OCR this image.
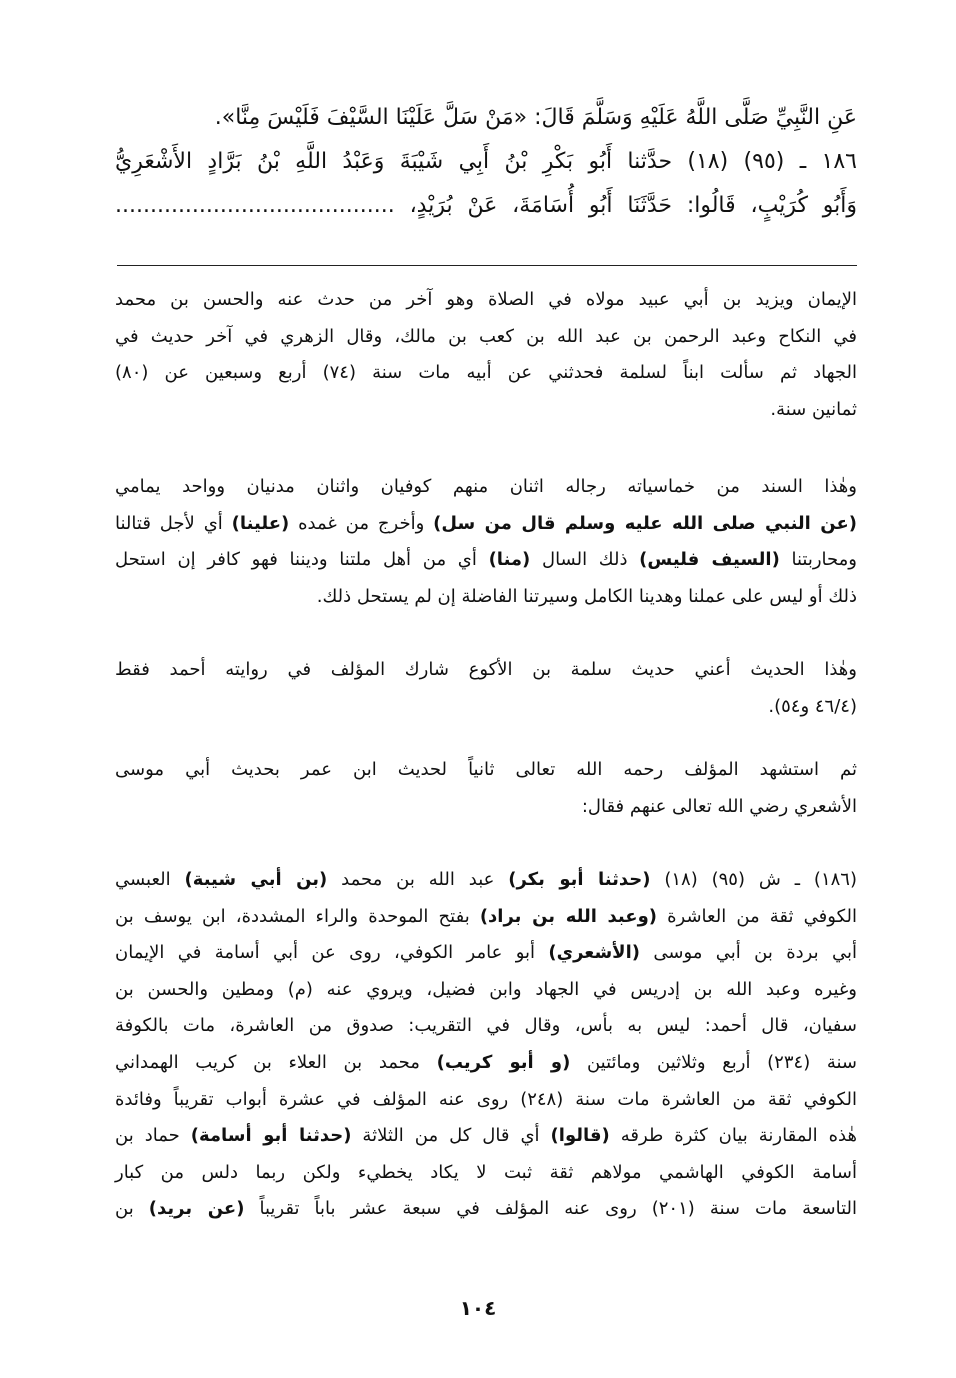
عَنِ النَّبِيِّ صَلَّى اللَّهُ عَلَيْهِ وَسَلَّمَ قَالَ: «مَنْ سَلَّ عَلَيْنَا السَّيْفَ فَلَيْسَ مِنَّا».
١٨٦ ـ (٩٥) (١٨) حدَّثنا أَبُو بَكْرِ بْنُ أَبِي شَيْبَةَ وَعَبْدُ اللَّهِ بْنُ بَرَّادٍ الأَشْعَرِيُّ
وَأَبُو كُرَيْبٍ، قَالُوا: حَدَّثَنَا أَبُو أُسَامَةَ، عَنْ بُرَيْدٍ، ........................................
الإيمان ويزيد بن أبي عبيد مولاه في الصلاة وهو آخر من حدث عنه والحسن بن محمد
في النكاح وعبد الرحمن بن عبد الله بن كعب بن مالك، وقال الزهري في آخر حديث في
الجهاد ثم سألت ابناً لسلمة فحدثني عن أبيه مات سنة (٧٤) أربع وسبعين عن (٨٠)
ثمانين سنة.
وهٰذا السند من خماسياته رجاله اثنان منهم كوفيان واثنان مدنيان وواحد يمامي
(عن النبي صلى الله عليه وسلم قال من سل) وأخرج من غمده (علينا) أي لأجل قتالنا
ومحاربتنا (السيف فليس) ذلك السال (منا) أي من أهل ملتنا وديننا فهو كافر إن استحل
ذلك أو ليس على عملنا وهدينا الكامل وسيرتنا الفاضلة إن لم يستحل ذلك.
وهٰذا الحديث أعني حديث سلمة بن الأكوع شارك المؤلف في روايته أحمد فقط
(٤٦/٤ و٥٤).
ثم استشهد المؤلف رحمه الله تعالى ثانياً لحديث ابن عمر بحديث أبي موسى
الأشعري رضي الله تعالى عنهم فقال:
(١٨٦) ـ ش (٩٥) (١٨) (حدثنا أبو بكر) عبد الله بن محمد (بن أبي شيبة) العبسي
الكوفي ثقة من العاشرة (وعبد الله بن براد) بفتح الموحدة والراء المشددة، ابن يوسف بن
أبي بردة بن أبي موسى (الأشعري) أبو عامر الكوفي، روى عن أبي أسامة في الإيمان
وغيره وعبد الله بن إدريس في الجهاد وابن فضيل، ويروي عنه (م) ومطين والحسن بن
سفيان، قال أحمد: ليس به بأس، وقال في التقريب: صدوق من العاشرة، مات بالكوفة
سنة (٢٣٤) أربع وثلاثين ومائتين (و أبو كريب) محمد بن العلاء بن كريب الهمداني
الكوفي ثقة من العاشرة مات سنة (٢٤٨) روى عنه المؤلف في عشرة أبواب تقريباً وفائدة
هٰذه المقارنة بيان كثرة طرقه (قالوا) أي قال كل من الثلاثة (حدثنا أبو أسامة) حماد بن
أسامة الكوفي الهاشمي مولاهم ثقة ثبت لا يكاد يخطيء ولكن ربما دلس من كبار
التاسعة مات سنة (٢٠١) روى عنه المؤلف في سبعة عشر باباً تقريباً (عن بريد) بن
١٠٤
